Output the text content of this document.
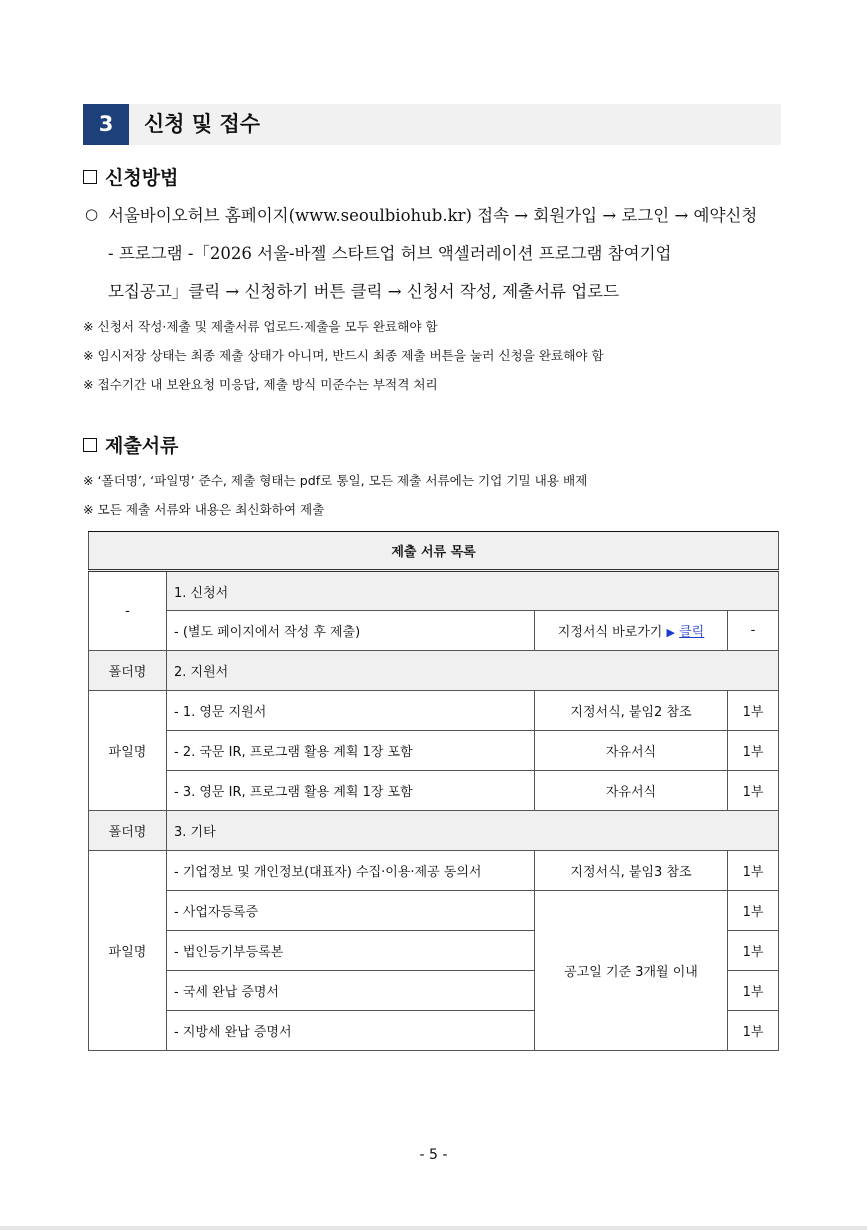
3	신청 및 접수
신청방법
○ 서울바이오허브 홈페이지(www.seoulbiohub.kr) 접속 → 회원가입 → 로그인 → 예약신청
- 프로그램 -「2026 서울-바젤 스타트업 허브 액셀러레이션 프로그램 참여기업
모집공고」클릭 → 신청하기 버튼 클릭 → 신청서 작성, 제출서류 업로드
※ 신청서 작성·제출 및 제출서류 업로드·제출을 모두 완료해야 함
※ 임시저장 상태는 최종 제출 상태가 아니며, 반드시 최종 제출 버튼을 눌러 신청을 완료해야 함
※ 접수기간 내 보완요청 미응답, 제출 방식 미준수는 부적격 처리
제출서류
※ ‘폴더명’, ‘파일명’ 준수, 제출 형태는 pdf로 통일, 모든 제출 서류에는 기업 기밀 내용 배제
※ 모든 제출 서류와 내용은 최신화하여 제출
제출 서류 목록			
-	1. 신청서		
	- (별도 페이지에서 작성 후 제출)	지정서식 바로가기 ▶ 클릭	-
폴더명	2. 지원서		
파일명	- 1. 영문 지원서	지정서식, 붙임2 참조	1부
	- 2. 국문 IR, 프로그램 활용 계획 1장 포함	자유서식	1부
	- 3. 영문 IR, 프로그램 활용 계획 1장 포함	자유서식	1부
폴더명	3. 기타		
파일명	- 기업정보 및 개인정보(대표자) 수집·이용·제공 동의서	지정서식, 붙임3 참조	1부
	- 사업자등록증	공고일 기준 3개월 이내	1부
	- 법인등기부등록본		1부
	- 국세 완납 증명서		1부
	- 지방세 완납 증명서		1부
- 5 -
